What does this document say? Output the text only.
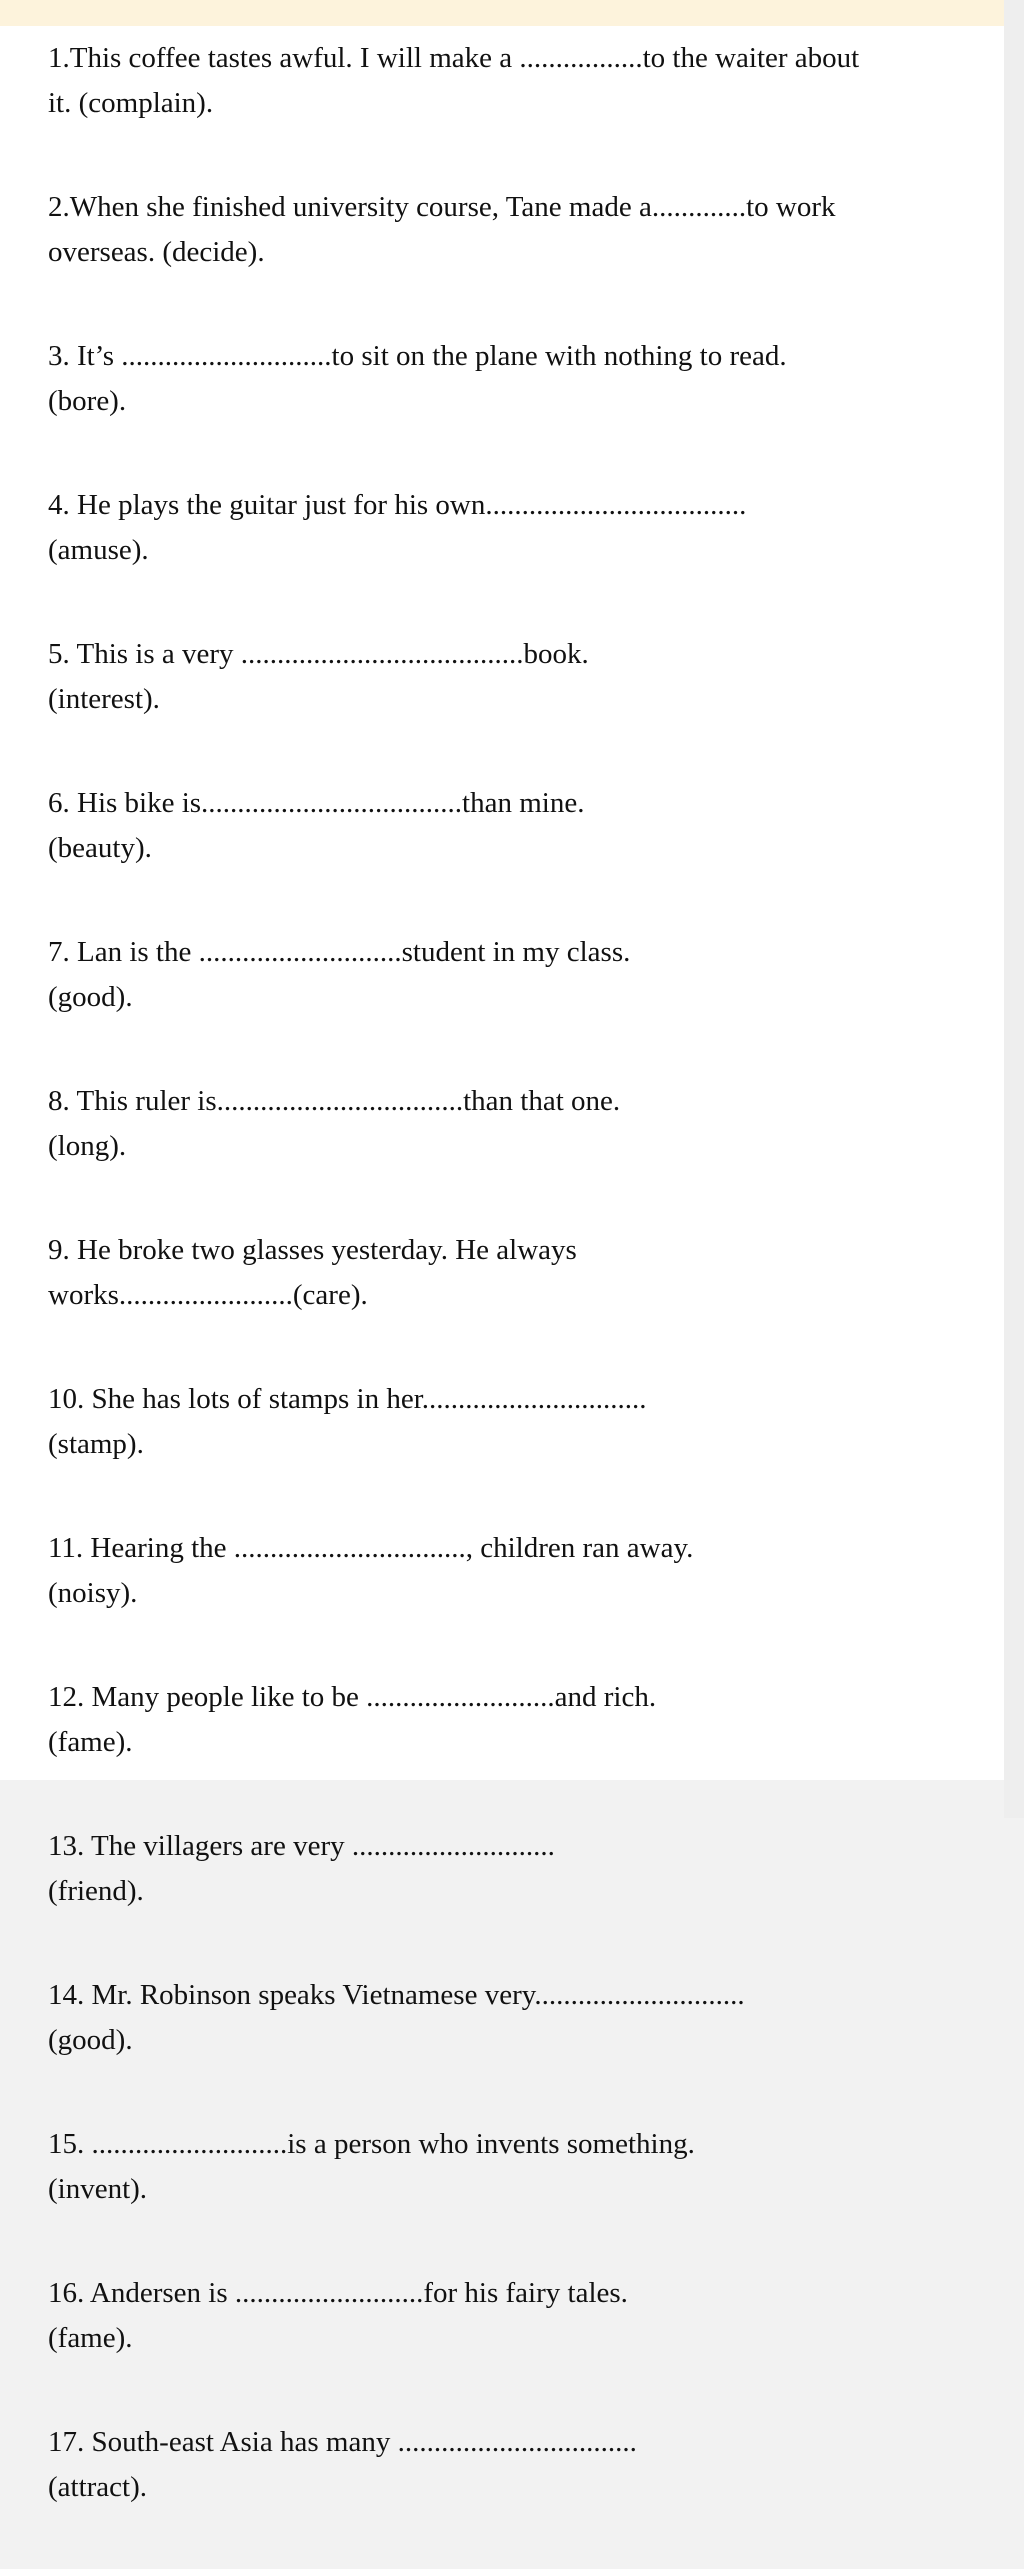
1.This coffee tastes awful. I will make a .................to the waiter about
it. (complain).
2.When she finished university course, Tane made a.............to work
overseas. (decide).
3. It’s .............................to sit on the plane with nothing to read.
(bore).
4. He plays the guitar just for his own....................................
(amuse).
5. This is a very .......................................book.
(interest).
6. His bike is....................................than mine.
(beauty).
7. Lan is the ............................student in my class.
(good).
8. This ruler is..................................than that one.
(long).
9. He broke two glasses yesterday. He always
works........................(care).
10. She has lots of stamps in her...............................
(stamp).
11. Hearing the ................................, children ran away.
(noisy).
12. Many people like to be ..........................and rich.
(fame).
13. The villagers are very ............................
(friend).
14. Mr. Robinson speaks Vietnamese very.............................
(good).
15. ...........................is a person who invents something.
(invent).
16. Andersen is ..........................for his fairy tales.
(fame).
17. South-east Asia has many .................................
(attract).
